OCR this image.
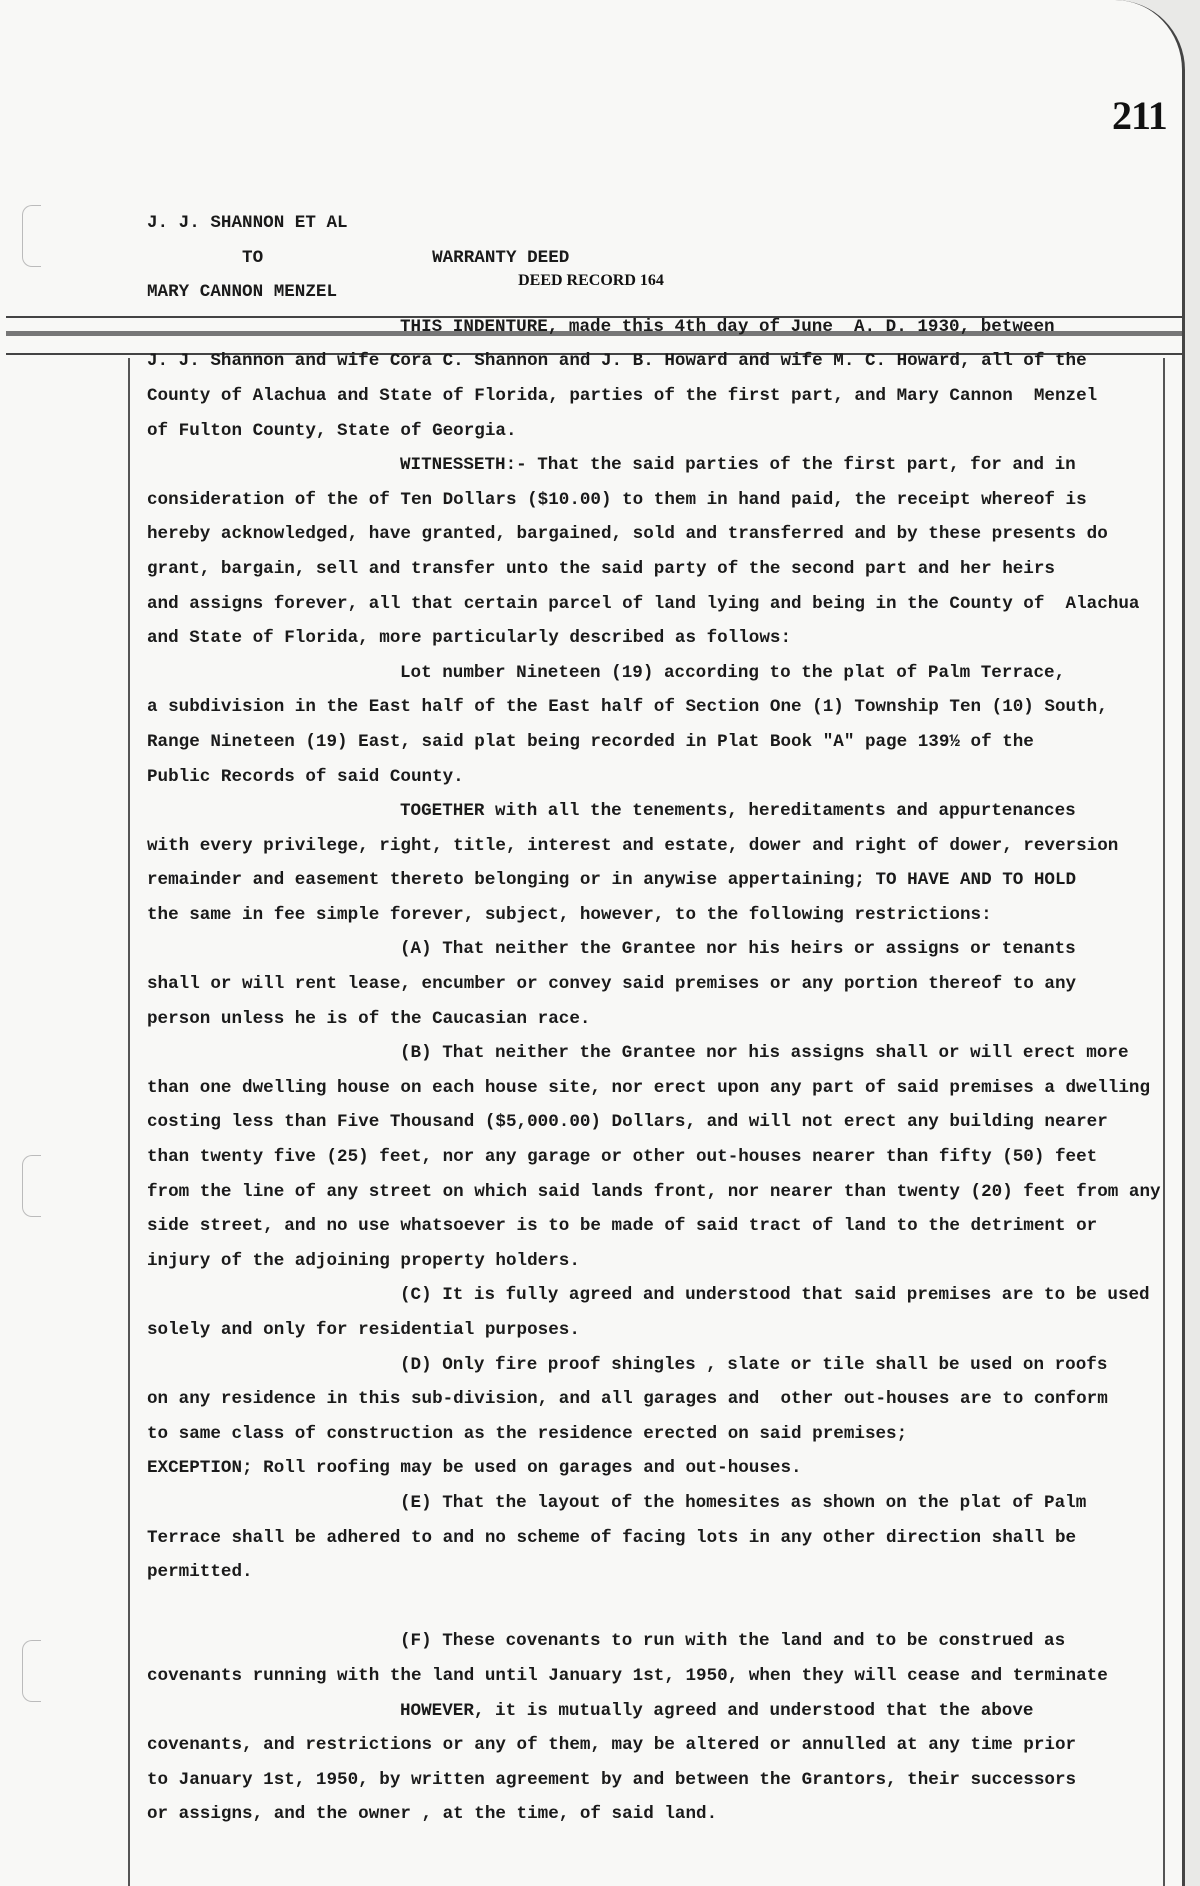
211
DEED RECORD 164
J. J. SHANNON ET AL
TO                WARRANTY DEED
MARY CANNON MENZEL
THIS INDENTURE, made this 4th day of June  A. D. 1930, between
J. J. Shannon and wife Cora C. Shannon and J. B. Howard and wife M. C. Howard, all of the
County of Alachua and State of Florida, parties of the first part, and Mary Cannon  Menzel
of Fulton County, State of Georgia.
WITNESSETH:- That the said parties of the first part, for and in
consideration of the of Ten Dollars ($10.00) to them in hand paid, the receipt whereof is
hereby acknowledged, have granted, bargained, sold and transferred and by these presents do
grant, bargain, sell and transfer unto the said party of the second part and her heirs
and assigns forever, all that certain parcel of land lying and being in the County of  Alachua
and State of Florida, more particularly described as follows:
Lot number Nineteen (19) according to the plat of Palm Terrace,
a subdivision in the East half of the East half of Section One (1) Township Ten (10) South,
Range Nineteen (19) East, said plat being recorded in Plat Book "A" page 139½ of the
Public Records of said County.
TOGETHER with all the tenements, hereditaments and appurtenances
with every privilege, right, title, interest and estate, dower and right of dower, reversion
remainder and easement thereto belonging or in anywise appertaining; TO HAVE AND TO HOLD
the same in fee simple forever, subject, however, to the following restrictions:
(A) That neither the Grantee nor his heirs or assigns or tenants
shall or will rent lease, encumber or convey said premises or any portion thereof to any
person unless he is of the Caucasian race.
(B) That neither the Grantee nor his assigns shall or will erect more
than one dwelling house on each house site, nor erect upon any part of said premises a dwelling
costing less than Five Thousand ($5,000.00) Dollars, and will not erect any building nearer
than twenty five (25) feet, nor any garage or other out-houses nearer than fifty (50) feet
from the line of any street on which said lands front, nor nearer than twenty (20) feet from any
side street, and no use whatsoever is to be made of said tract of land to the detriment or
injury of the adjoining property holders.
(C) It is fully agreed and understood that said premises are to be used
solely and only for residential purposes.
(D) Only fire proof shingles , slate or tile shall be used on roofs
on any residence in this sub-division, and all garages and  other out-houses are to conform
to same class of construction as the residence erected on said premises;
EXCEPTION; Roll roofing may be used on garages and out-houses.
(E) That the layout of the homesites as shown on the plat of Palm
Terrace shall be adhered to and no scheme of facing lots in any other direction shall be
permitted.
(F) These covenants to run with the land and to be construed as
covenants running with the land until January 1st, 1950, when they will cease and terminate
HOWEVER, it is mutually agreed and understood that the above
covenants, and restrictions or any of them, may be altered or annulled at any time prior
to January 1st, 1950, by written agreement by and between the Grantors, their successors
or assigns, and the owner , at the time, of said land.
